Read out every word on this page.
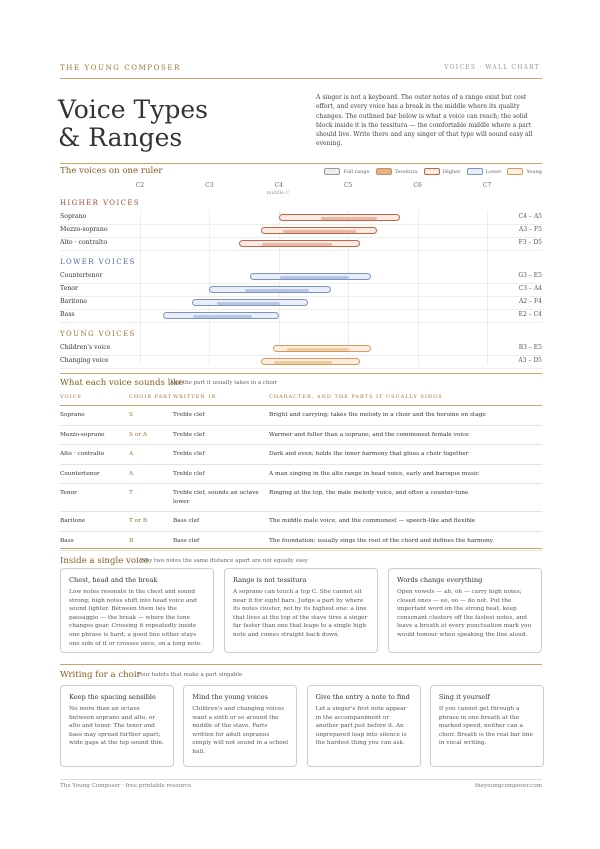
THE YOUNG COMPOSER	VOICES · WALL CHART
Voice Types
& Ranges
A singer is not a keyboard. The outer notes of a range exist but cost effort, and every voice has a break in the middle where its quality changes. The outlined bar below is what a voice can reach; the solid block inside it is the tessitura — the comfortable middle where a part should live. Write there and any singer of that type will sound easy all evening.
The voices on one ruler	Full range	Tessitura	Higher	Lower	Young
C2	C3	C4	C5	C6	C7
middle C
HIGHER VOICES
Soprano	C4 – A5
Mezzo-soprano	A3 – F5
Alto · contralto	F3 – D5
LOWER VOICES
Countertenor	G3 – E5
Tenor	C3 – A4
Baritone	A2 – F4
Bass	E2 – C4
YOUNG VOICES
Children's voice	B3 – E5
Changing voice	A3 – D5
What each voice sounds like
And the part it usually takes in a choir
VOICE	CHOIR PART	WRITTEN IN	CHARACTER, AND THE PARTS IT USUALLY SINGS
Soprano	S	Treble clef	Bright and carrying; takes the melody in a choir and the heroine on stage
Mezzo-soprano	S or A	Treble clef	Warmer and fuller than a soprano, and the commonest female voice
Alto · contralto	A	Treble clef	Dark and even; holds the inner harmony that glues a choir together
Countertenor	A	Treble clef	A man singing in the alto range in head voice, early and baroque music
Tenor	T	Treble clef, sounds an octave lower	Ringing at the top, the male melody voice, and often a counter-tune
Baritone	T or B	Bass clef	The middle male voice, and the commonest — speech-like and flexible
Bass	B	Bass clef	The foundation; usually sings the root of the chord and defines the harmony
Inside a single voice
Why two notes the same distance apart are not equally easy
Chest, head and the break

Low notes resonate in the chest and sound strong; high notes shift into head voice and sound lighter. Between them lies the passaggio — the break — where the tone changes gear. Crossing it repeatedly inside one phrase is hard; a good line either stays one side of it or crosses once, on a long note.

Range is not tessitura

A soprano can touch a top C. She cannot sit near it for eight bars. Judge a part by where its notes cluster, not by its highest one: a line that lives at the top of the stave tires a singer far faster than one that leaps to a single high note and comes straight back down.

Words change everything

Open vowels — ah, oh — carry high notes; closed ones — ee, oo — do not. Put the important word on the strong beat, keep consonant clusters off the fastest notes, and leave a breath at every punctuation mark you would honour when speaking the line aloud.

Writing for a choir
Four habits that make a part singable
Keep the spacing sensible

No more than an octave between soprano and alto, or alto and tenor. The tenor and bass may spread further apart; wide gaps at the top sound thin.

Mind the young voices

Children's and changing voices want a sixth or so around the middle of the stave. Parts written for adult sopranos simply will not sound in a school hall.

Give the entry a note to find

Let a singer's first note appear in the accompaniment or another part just before it. An unprepared leap into silence is the hardest thing you can ask.

Sing it yourself

If you cannot get through a phrase in one breath at the marked speed, neither can a choir. Breath is the real bar line in vocal writing.

The Young Composer · free printable resource	theyoungcomposer.com
